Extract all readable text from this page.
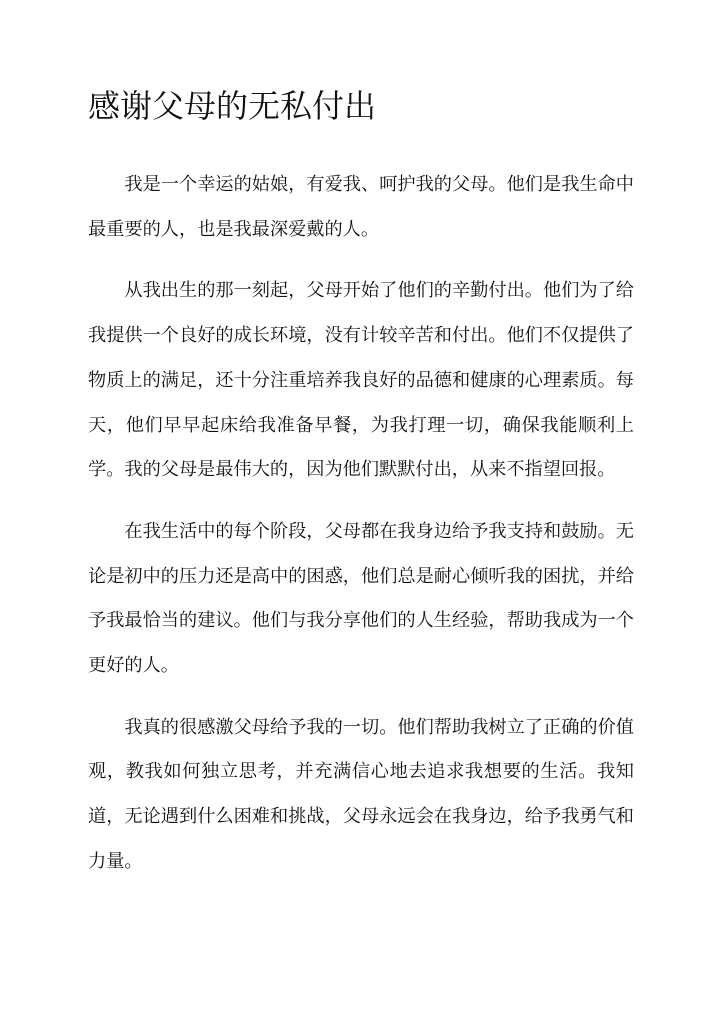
感谢父母的无私付出

我是一个幸运的姑娘，有爱我、呵护我的父母。他们是我生命中最重要的人，也是我最深爱戴的人。

从我出生的那一刻起，父母开始了他们的辛勤付出。他们为了给我提供一个良好的成长环境，没有计较辛苦和付出。他们不仅提供了物质上的满足，还十分注重培养我良好的品德和健康的心理素质。每天，他们早早起床给我准备早餐，为我打理一切，确保我能顺利上学。我的父母是最伟大的，因为他们默默付出，从来不指望回报。

在我生活中的每个阶段，父母都在我身边给予我支持和鼓励。无论是初中的压力还是高中的困惑，他们总是耐心倾听我的困扰，并给予我最恰当的建议。他们与我分享他们的人生经验，帮助我成为一个更好的人。

我真的很感激父母给予我的一切。他们帮助我树立了正确的价值观，教我如何独立思考，并充满信心地去追求我想要的生活。我知道，无论遇到什么困难和挑战，父母永远会在我身边，给予我勇气和力量。
